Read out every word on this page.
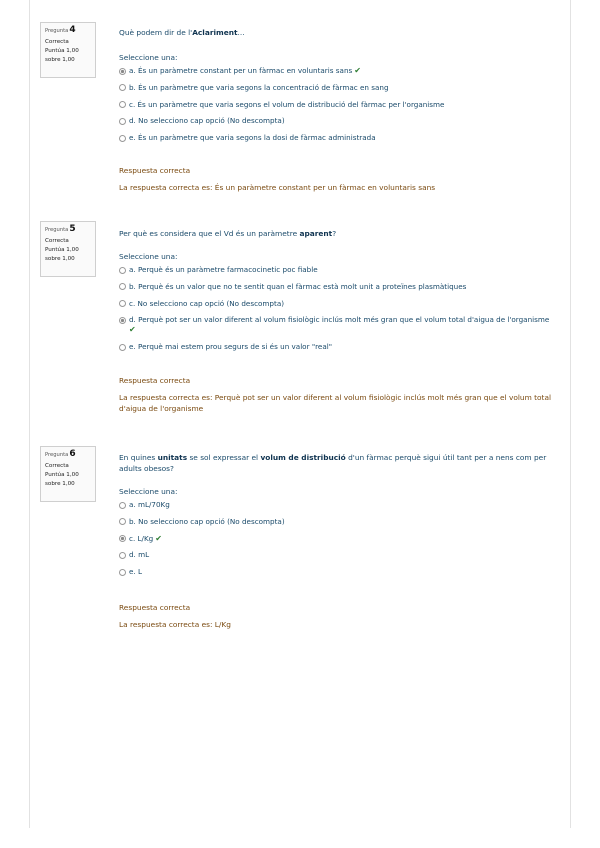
Pregunta4
Correcta
Puntúa 1,00
sobre 1,00
Què podem dir de l'Aclariment...
Seleccione una:
a. És un paràmetre constant per un fàrmac en voluntaris sans ✔
b. És un paràmetre que varia segons la concentració de fàrmac en sang
c. És un paràmetre que varia segons el volum de distribució del fàrmac per l'organisme
d. No selecciono cap opció (No descompta)
e. És un paràmetre que varia segons la dosi de fàrmac administrada
Respuesta correcta
La respuesta correcta es: És un paràmetre constant per un fàrmac en voluntaris sans
Pregunta5
Correcta
Puntúa 1,00
sobre 1,00
Per què es considera que el Vd és un paràmetre aparent?
Seleccione una:
a. Perquè és un paràmetre farmacocinetic poc fiable
b. Perquè és un valor que no te sentit quan el fàrmac està molt unit a proteïnes plasmàtiques
c. No selecciono cap opció (No descompta)
d. Perquè pot ser un valor diferent al volum fisiològic inclús molt més gran que el volum total d'aigua de l'organisme
✔
e. Perquè mai estem prou segurs de si és un valor "real"
Respuesta correcta
La respuesta correcta es: Perquè pot ser un valor diferent al volum fisiològic inclús molt més gran que el volum total d'aigua de l'organisme
Pregunta6
Correcta
Puntúa 1,00
sobre 1,00
En quines unitats se sol expressar el volum de distribució d'un fàrmac perquè sigui útil tant per a nens com per adults obesos?
Seleccione una:
a. mL/70Kg
b. No selecciono cap opció (No descompta)
c. L/Kg ✔
d. mL
e. L
Respuesta correcta
La respuesta correcta es: L/Kg
